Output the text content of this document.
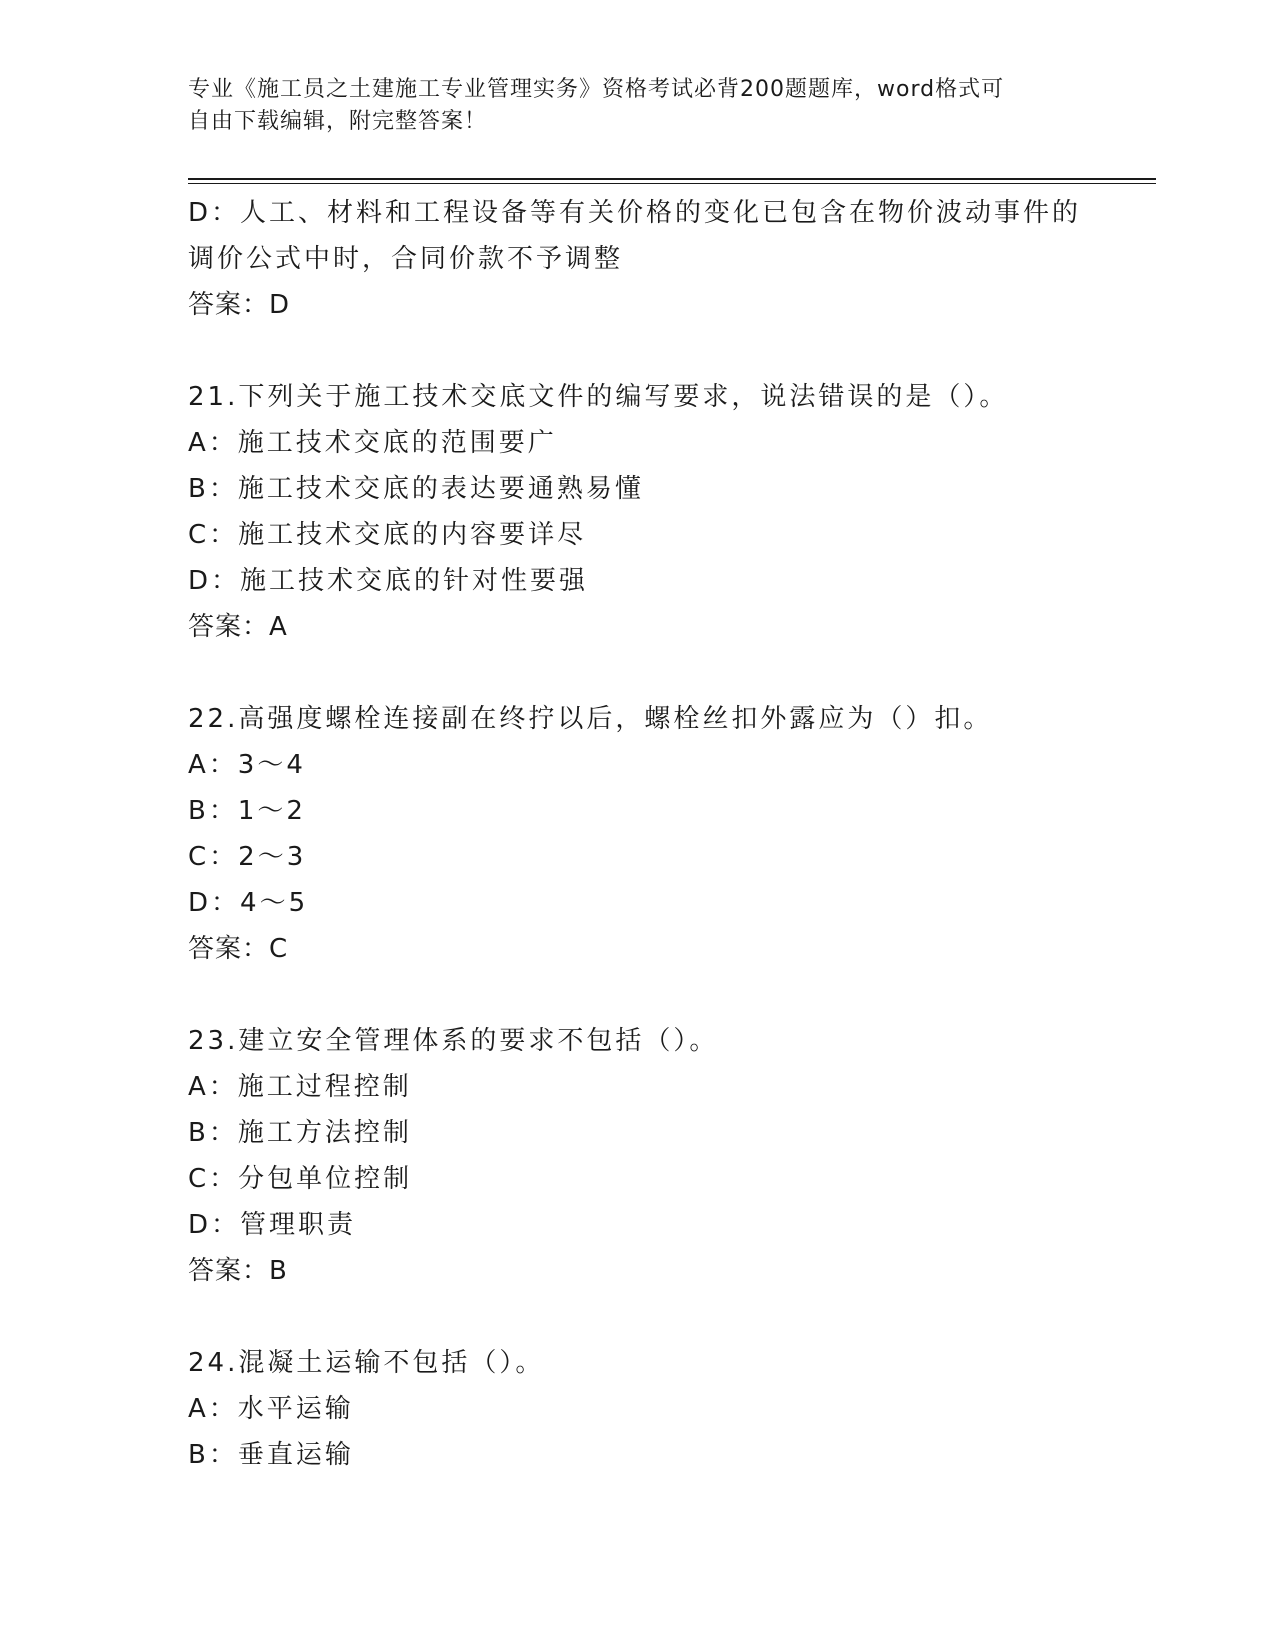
专业《施工员之土建施工专业管理实务》资格考试必背200题题库，word格式可
自由下载编辑，附完整答案！
D：人工、材料和工程设备等有关价格的变化已包含在物价波动事件的
调价公式中时，合同价款不予调整
答案：D
21.下列关于施工技术交底文件的编写要求，说法错误的是（）。
A：施工技术交底的范围要广
B：施工技术交底的表达要通熟易懂
C：施工技术交底的内容要详尽
D：施工技术交底的针对性要强
答案：A
22.高强度螺栓连接副在终拧以后，螺栓丝扣外露应为（）扣。
A：3～4
B：1～2
C：2～3
D：4～5
答案：C
23.建立安全管理体系的要求不包括（）。
A：施工过程控制
B：施工方法控制
C：分包单位控制
D：管理职责
答案：B
24.混凝土运输不包括（）。
A：水平运输
B：垂直运输
